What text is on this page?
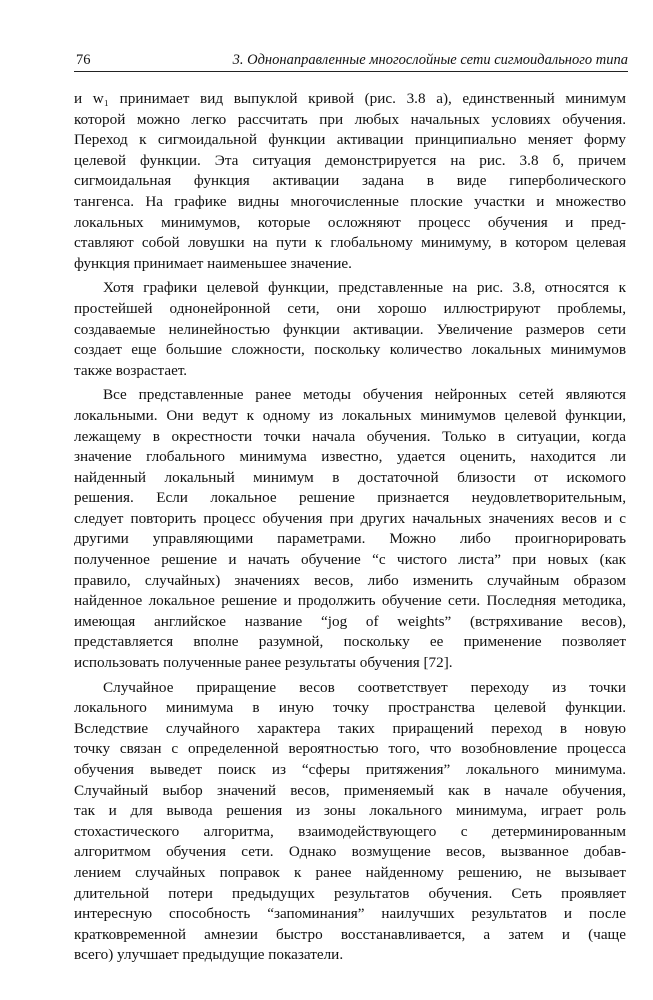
76	3. Однонаправленные многослойные сети сигмоидального типа
и w₁ принимает вид выпуклой кривой (рис. 3.8 а), единственный минимум
которой можно легко рассчитать при любых начальных условиях обучения.
Переход к сигмоидальной функции активации принципиально меняет форму
целевой функции. Эта ситуация демонстрируется на рис. 3.8 б, причем
сигмоидальная функция активации задана в виде гиперболического
тангенса. На графике видны многочисленные плоские участки и множество
локальных минимумов, которые осложняют процесс обучения и пред-
ставляют собой ловушки на пути к глобальному минимуму, в котором целевая
функция принимает наименьшее значение.
Хотя графики целевой функции, представленные на рис. 3.8, относятся к
простейшей однонейронной сети, они хорошо иллюстрируют проблемы,
создаваемые нелинейностью функции активации. Увеличение размеров сети
создает еще большие сложности, поскольку количество локальных минимумов
также возрастает.
Все представленные ранее методы обучения нейронных сетей являются
локальными. Они ведут к одному из локальных минимумов целевой функции,
лежащему в окрестности точки начала обучения. Только в ситуации, когда
значение глобального минимума известно, удается оценить, находится ли
найденный локальный минимум в достаточной близости от искомого
решения. Если локальное решение признается неудовлетворительным,
следует повторить процесс обучения при других начальных значениях весов и с
другими управляющими параметрами. Можно либо проигнорировать
полученное решение и начать обучение “с чистого листа” при новых (как
правило, случайных) значениях весов, либо изменить случайным образом
найденное локальное решение и продолжить обучение сети. Последняя методика,
имеющая английское название “jog of weights” (встряхивание весов),
представляется вполне разумной, поскольку ее применение позволяет
использовать полученные ранее результаты обучения [72].
Случайное приращение весов соответствует переходу из точки
локального минимума в иную точку пространства целевой функции.
Вследствие случайного характера таких приращений переход в новую
точку связан с определенной вероятностью того, что возобновление процесса
обучения выведет поиск из “сферы притяжения” локального минимума.
Случайный выбор значений весов, применяемый как в начале обучения,
так и для вывода решения из зоны локального минимума, играет роль
стохастического алгоритма, взаимодействующего с детерминированным
алгоритмом обучения сети. Однако возмущение весов, вызванное добав-
лением случайных поправок к ранее найденному решению, не вызывает
длительной потери предыдущих результатов обучения. Сеть проявляет
интересную способность “запоминания” наилучших результатов и после
кратковременной амнезии быстро восстанавливается, а затем и (чаще
всего) улучшает предыдущие показатели.
